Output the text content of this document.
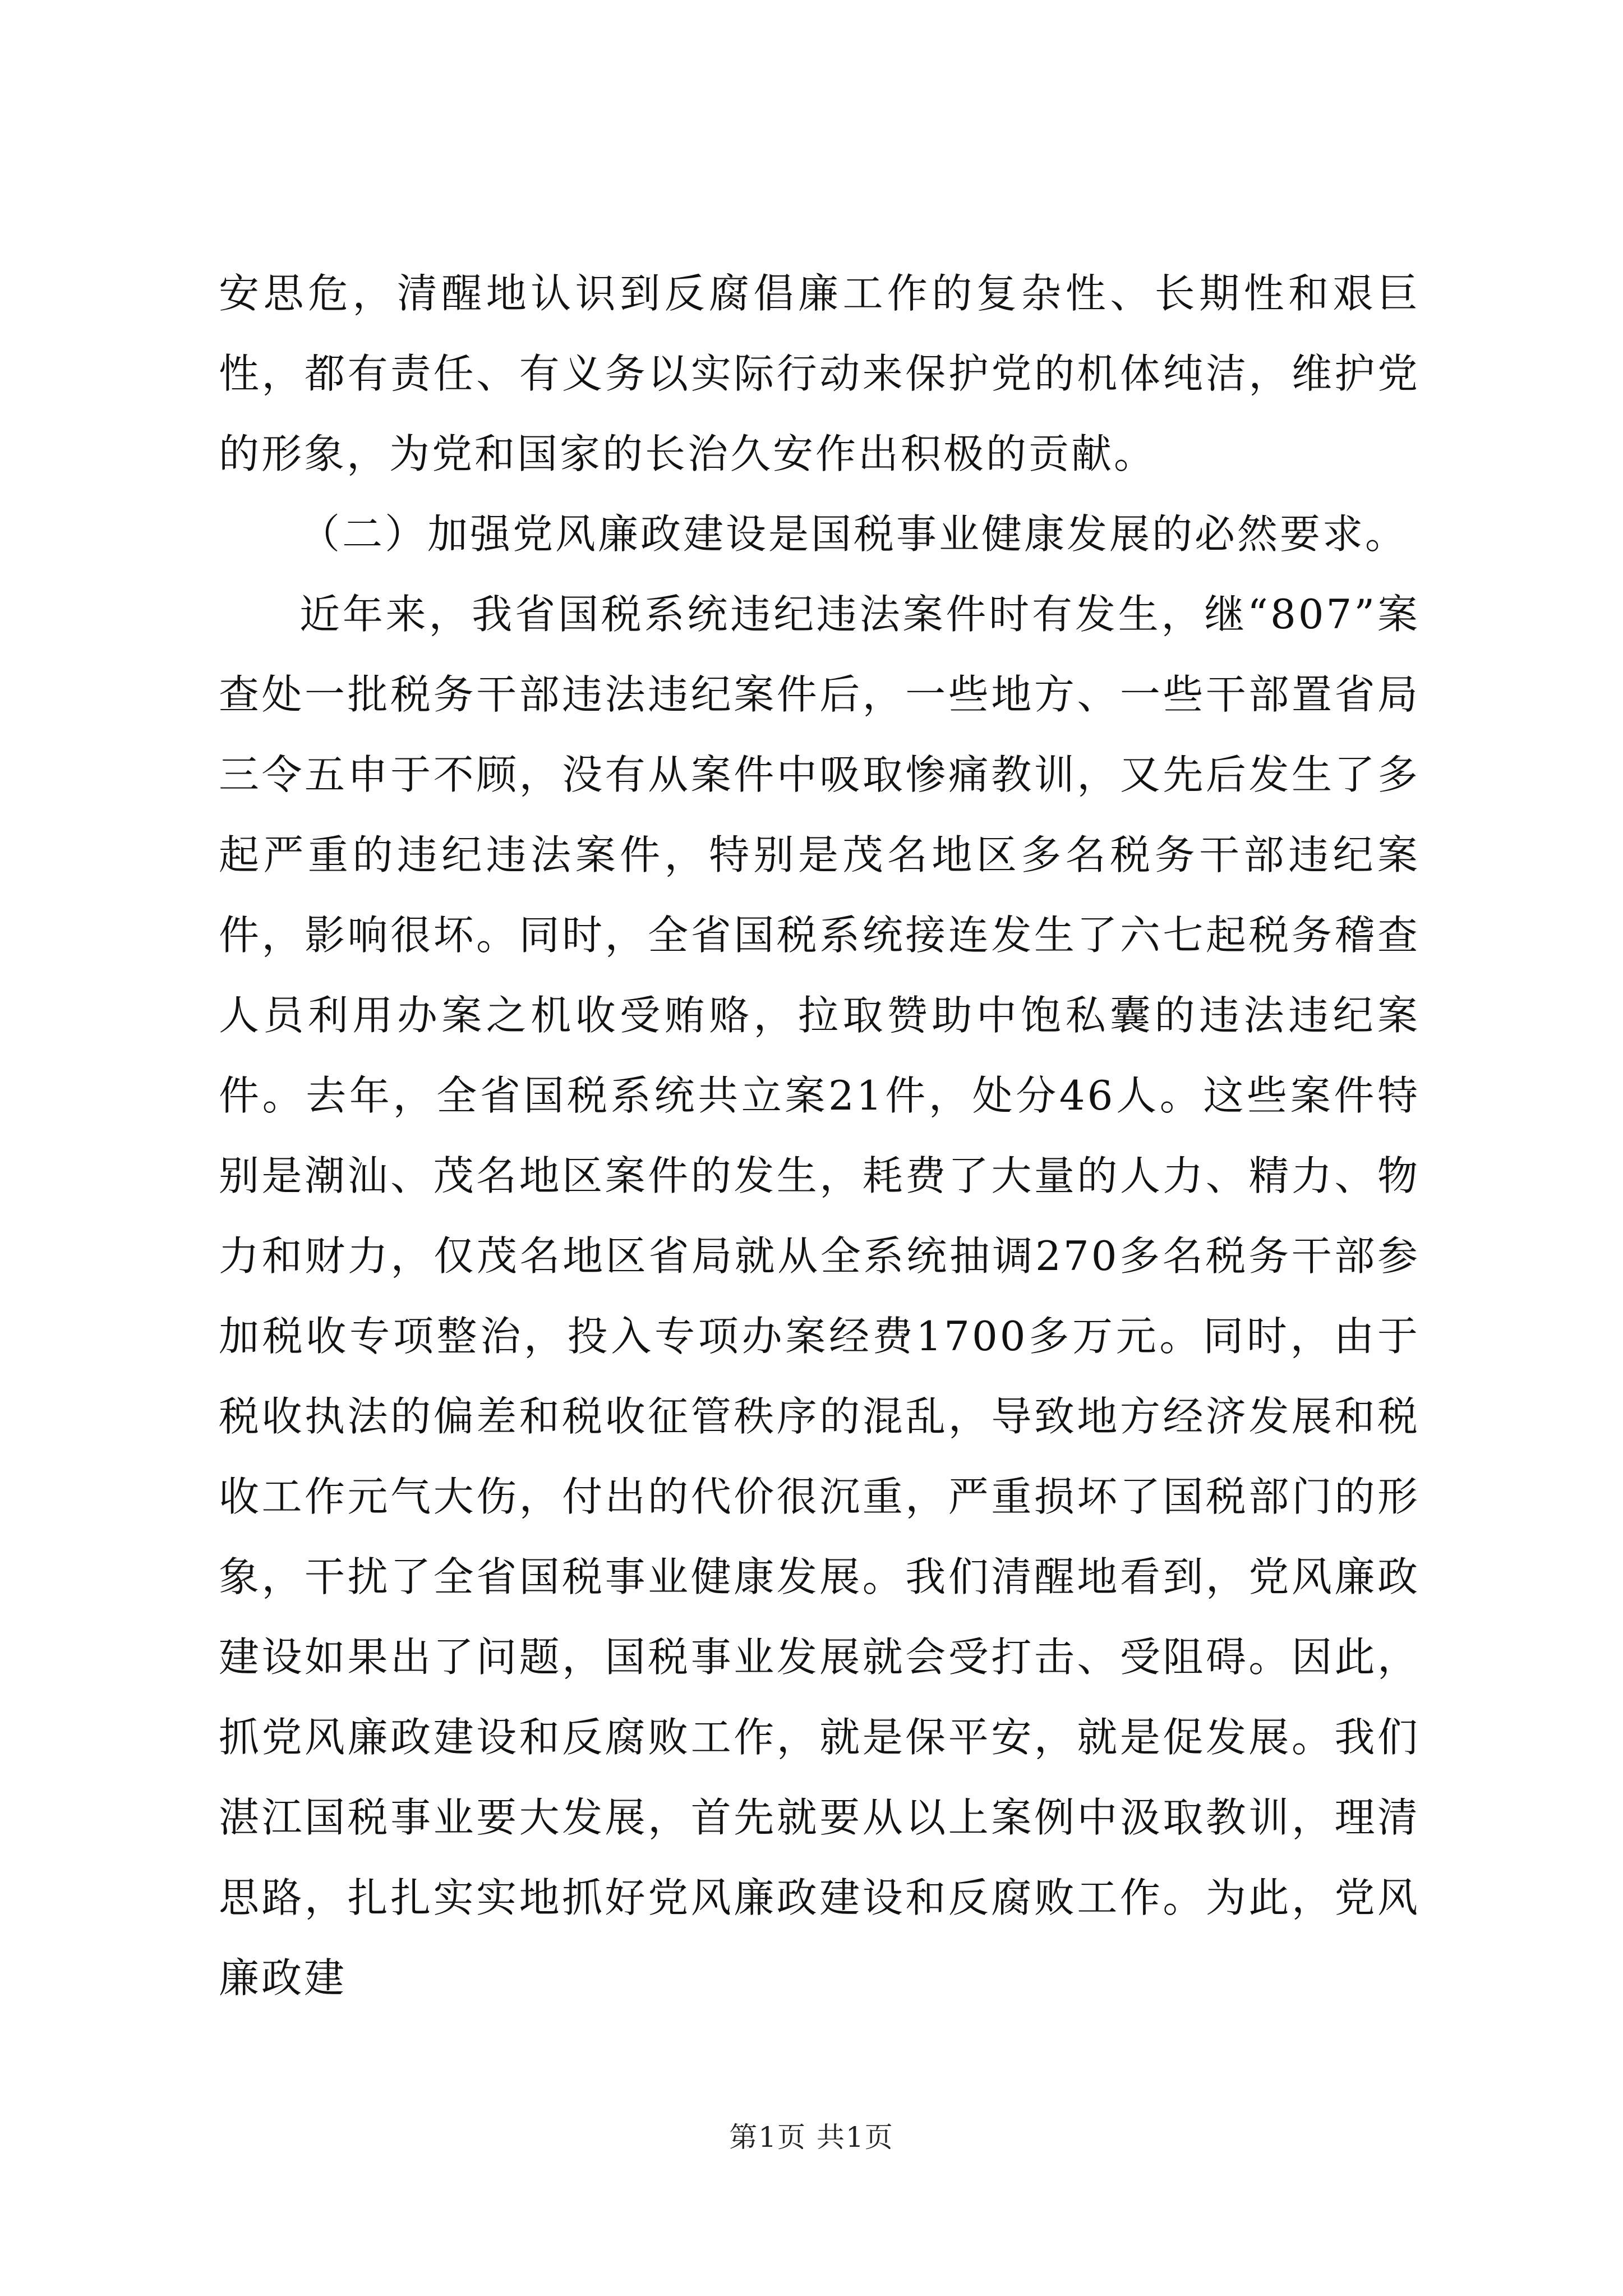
安思危，清醒地认识到反腐倡廉工作的复杂性、长期性和艰巨性，都有责任、有义务以实际行动来保护党的机体纯洁，维护党的形象，为党和国家的长治久安作出积极的贡献。

（二）加强党风廉政建设是国税事业健康发展的必然要求。

近年来，我省国税系统违纪违法案件时有发生，继“807”案查处一批税务干部违法违纪案件后，一些地方、一些干部置省局三令五申于不顾，没有从案件中吸取惨痛教训，又先后发生了多起严重的违纪违法案件，特别是茂名地区多名税务干部违纪案件，影响很坏。同时，全省国税系统接连发生了六七起税务稽查人员利用办案之机收受贿赂，拉取赞助中饱私囊的违法违纪案件。去年，全省国税系统共立案21件，处分46人。这些案件特别是潮汕、茂名地区案件的发生，耗费了大量的人力、精力、物力和财力，仅茂名地区省局就从全系统抽调270多名税务干部参加税收专项整治，投入专项办案经费1700多万元。同时，由于税收执法的偏差和税收征管秩序的混乱，导致地方经济发展和税收工作元气大伤，付出的代价很沉重，严重损坏了国税部门的形象，干扰了全省国税事业健康发展。我们清醒地看到，党风廉政建设如果出了问题，国税事业发展就会受打击、受阻碍。因此，抓党风廉政建设和反腐败工作，就是保平安，就是促发展。我们湛江国税事业要大发展，首先就要从以上案例中汲取教训，理清思路，扎扎实实地抓好党风廉政建设和反腐败工作。为此，党风廉政建

第1页 共1页
